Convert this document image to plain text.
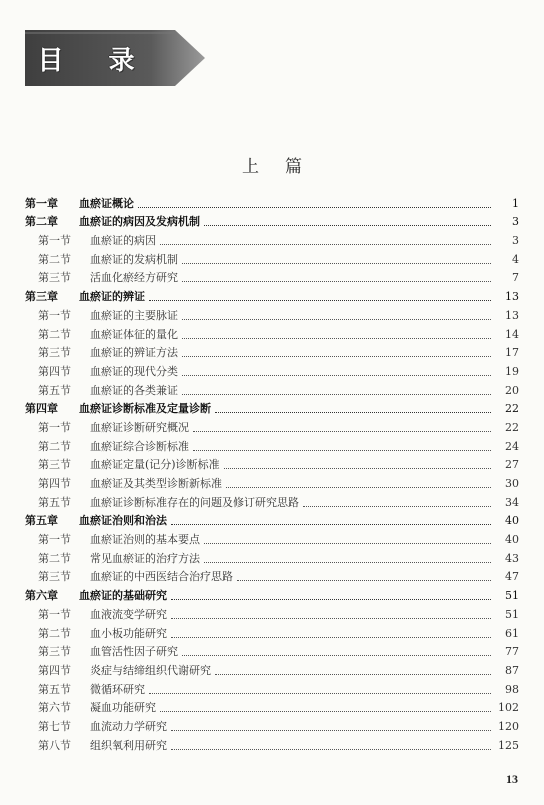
目 录
上篇
第一章 血瘀证概论	1
第二章 血瘀证的病因及发病机制	3
第一节 血瘀证的病因	3
第二节 血瘀证的发病机制	4
第三节 活血化瘀经方研究	7
第三章 血瘀证的辨证	13
第一节 血瘀证的主要脉证	13
第二节 血瘀证体征的量化	14
第三节 血瘀证的辨证方法	17
第四节 血瘀证的现代分类	19
第五节 血瘀证的各类兼证	20
第四章 血瘀证诊断标准及定量诊断	22
第一节 血瘀证诊断研究概况	22
第二节 血瘀证综合诊断标准	24
第三节 血瘀证定量(记分)诊断标准	27
第四节 血瘀证及其类型诊断新标准	30
第五节 血瘀证诊断标准存在的问题及修订研究思路	34
第五章 血瘀证治则和治法	40
第一节 血瘀证治则的基本要点	40
第二节 常见血瘀证的治疗方法	43
第三节 血瘀证的中西医结合治疗思路	47
第六章 血瘀证的基础研究	51
第一节 血液流变学研究	51
第二节 血小板功能研究	61
第三节 血管活性因子研究	77
第四节 炎症与结缔组织代谢研究	87
第五节 微循环研究	98
第六节 凝血功能研究	102
第七节 血流动力学研究	120
第八节 组织氧利用研究	125
13
